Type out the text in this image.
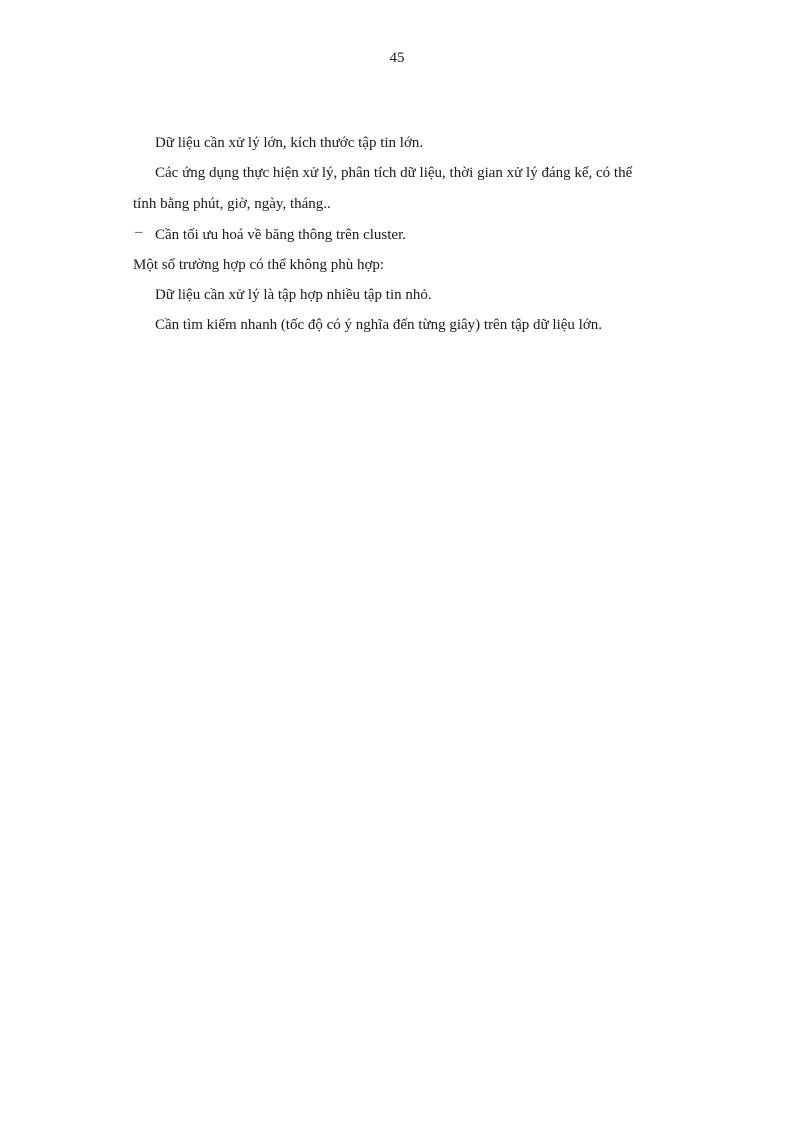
45
Dữ liệu cần xử lý lớn, kích thước tập tin lớn.
Các ứng dụng thực hiện xử lý, phân tích dữ liệu, thời gian xử lý đáng kể, có thể
tính bằng phút, giờ, ngày, tháng..
– Cần tối ưu hoá về băng thông trên cluster.
Một số trường hợp có thể không phù hợp:
Dữ liệu cần xử lý là tập hợp nhiều tập tin nhỏ.
Cần tìm kiếm nhanh (tốc độ có ý nghĩa đến từng giây) trên tập dữ liệu lớn.
